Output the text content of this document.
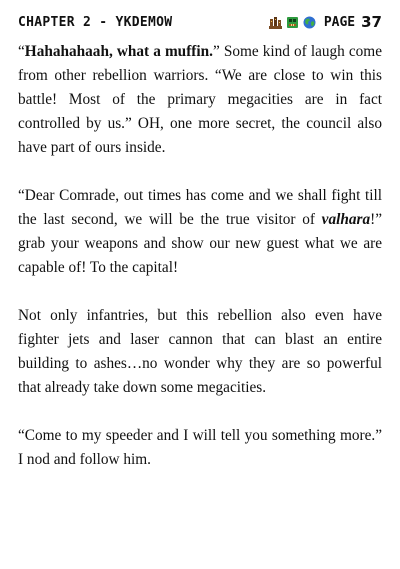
CHAPTER 2 - YKDEMOW	PAGE 37

“Hahahahaah, what a muffin.” Some kind of laugh come from other rebellion warriors. “We are close to win this battle! Most of the primary megacities are in fact controlled by us.” OH, one more secret, the council also have part of ours inside.

“Dear Comrade, out times has come and we shall fight till the last second, we will be the true visitor of valhara!” grab your weapons and show our new guest what we are capable of! To the capital!

Not only infantries, but this rebellion also even have fighter jets and laser cannon that can blast an entire building to ashes…no wonder why they are so powerful that already take down some megacities.

“Come to my speeder and I will tell you something more.” I nod and follow him.
